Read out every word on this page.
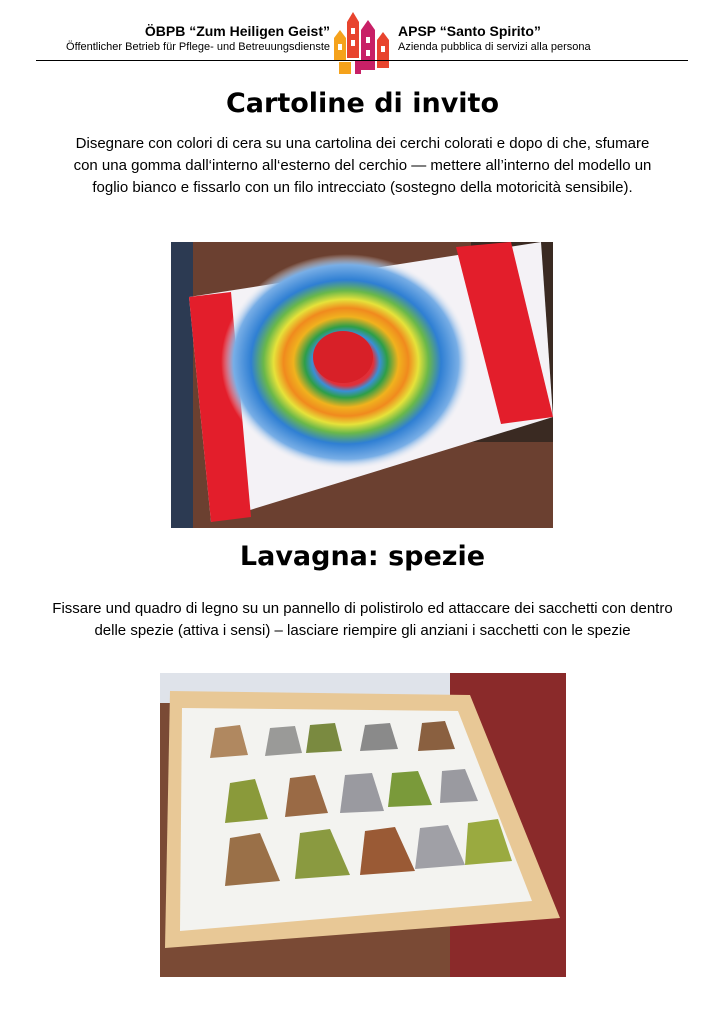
ÖBPB “Zum Heiligen Geist”
Öffentlicher Betrieb für Pflege- und Betreuungsdienste
APSP “Santo Spirito”
Azienda pubblica di servizi alla persona
Cartoline di invito

Disegnare con colori di cera su una cartolina dei cerchi colorati e dopo di che, sfumare con una gomma dall‘interno all‘esterno del cerchio — mettere all’interno del modello un foglio bianco e fissarlo con un filo intrecciato (sostegno della motoricità sensibile).

Lavagna: spezie

Fissare und quadro di legno su un pannello di polistirolo ed attaccare dei sacchetti con dentro delle spezie (attiva i sensi) – lasciare riempire gli anziani i sacchetti con le spezie
